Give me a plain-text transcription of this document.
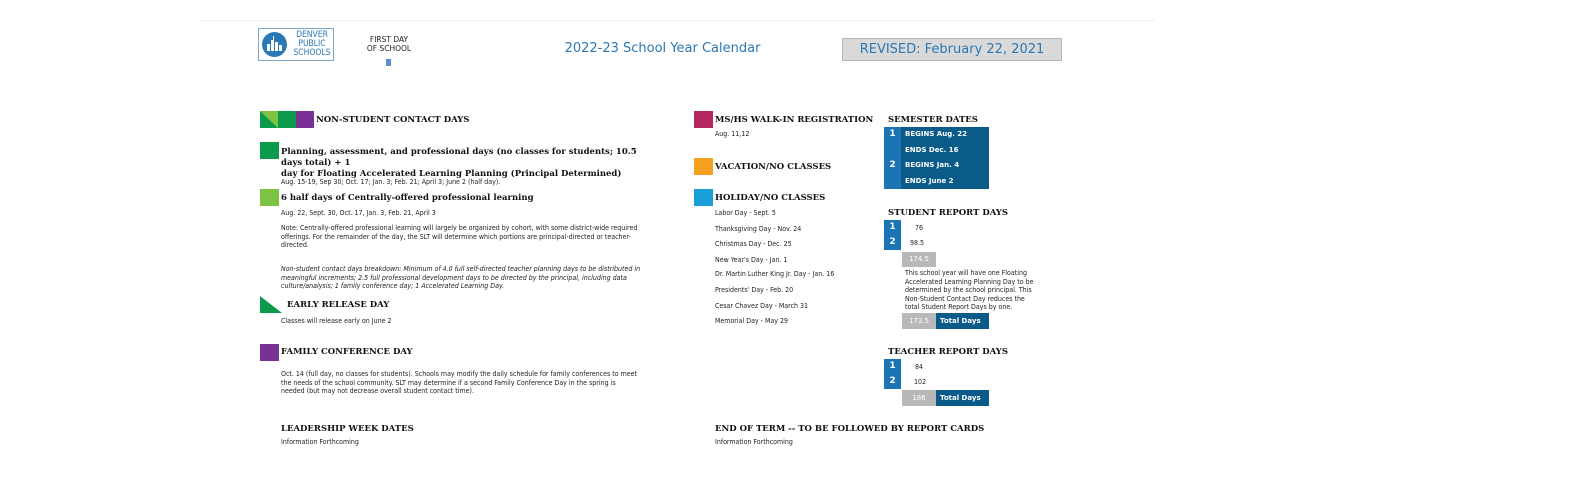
DENVER
PUBLIC
SCHOOLS
FIRST DAY
OF SCHOOL	2022-23 School Year Calendar	REVISED: February 22, 2021
NON-STUDENT CONTACT DAYS
Planning, assessment, and professional days (no classes for students; 10.5 days total) + 1
day for Floating Accelerated Learning Planning (Principal Determined)
Aug. 15-19, Sep 30; Oct. 17; Jan. 3; Feb. 21; April 3; June 2 (half day).
6 half days of Centrally-offered professional learning
Aug. 22, Sept. 30, Oct. 17, Jan. 3, Feb. 21, April 3
Note: Centrally-offered professional learning will largely be organized by cohort, with some district-wide required
offerings. For the remainder of the day, the SLT will determine which portions are principal-directed or teacher-
directed.
Non-student contact days breakdown: Minimum of 4.0 full self-directed teacher planning days to be distributed in
meaningful increments; 2.5 full professional development days to be directed by the principal, including data
culture/analysis; 1 family conference day; 1 Accelerated Learning Day.
EARLY RELEASE DAY
Classes will release early on June 2
FAMILY CONFERENCE DAY
Oct. 14 (full day, no classes for students). Schools may modify the daily schedule for family conferences to meet
the needs of the school community. SLT may determine if a second Family Conference Day in the spring is
needed (but may not decrease overall student contact time).
LEADERSHIP WEEK DATES
Information Forthcoming
MS/HS WALK-IN REGISTRATION
Aug. 11,12
VACATION/NO CLASSES
HOLIDAY/NO CLASSES
Labor Day - Sept. 5
Thanksgiving Day - Nov. 24
Christmas Day - Dec. 25
New Year's Day - Jan. 1
Dr. Martin Luther King Jr. Day - Jan. 16
Presidents' Day - Feb. 20
Cesar Chavez Day - March 31
Memorial Day - May 29
END OF TERM -- TO BE FOLLOWED BY REPORT CARDS
Information Forthcoming
SEMESTER DATES
1	BEGINS Aug. 22
ENDS Dec. 16
2	BEGINS Jan. 4
ENDS June 2
STUDENT REPORT DAYS
1	76
2	98.5
174.5
This school year will have one Floating
Accelerated Learning Planning Day to be
determined by the school principal. This
Non-Student Contact Day reduces the
total Student Report Days by one.
173.5	Total Days
TEACHER REPORT DAYS
1	84
2	102
186	Total Days
